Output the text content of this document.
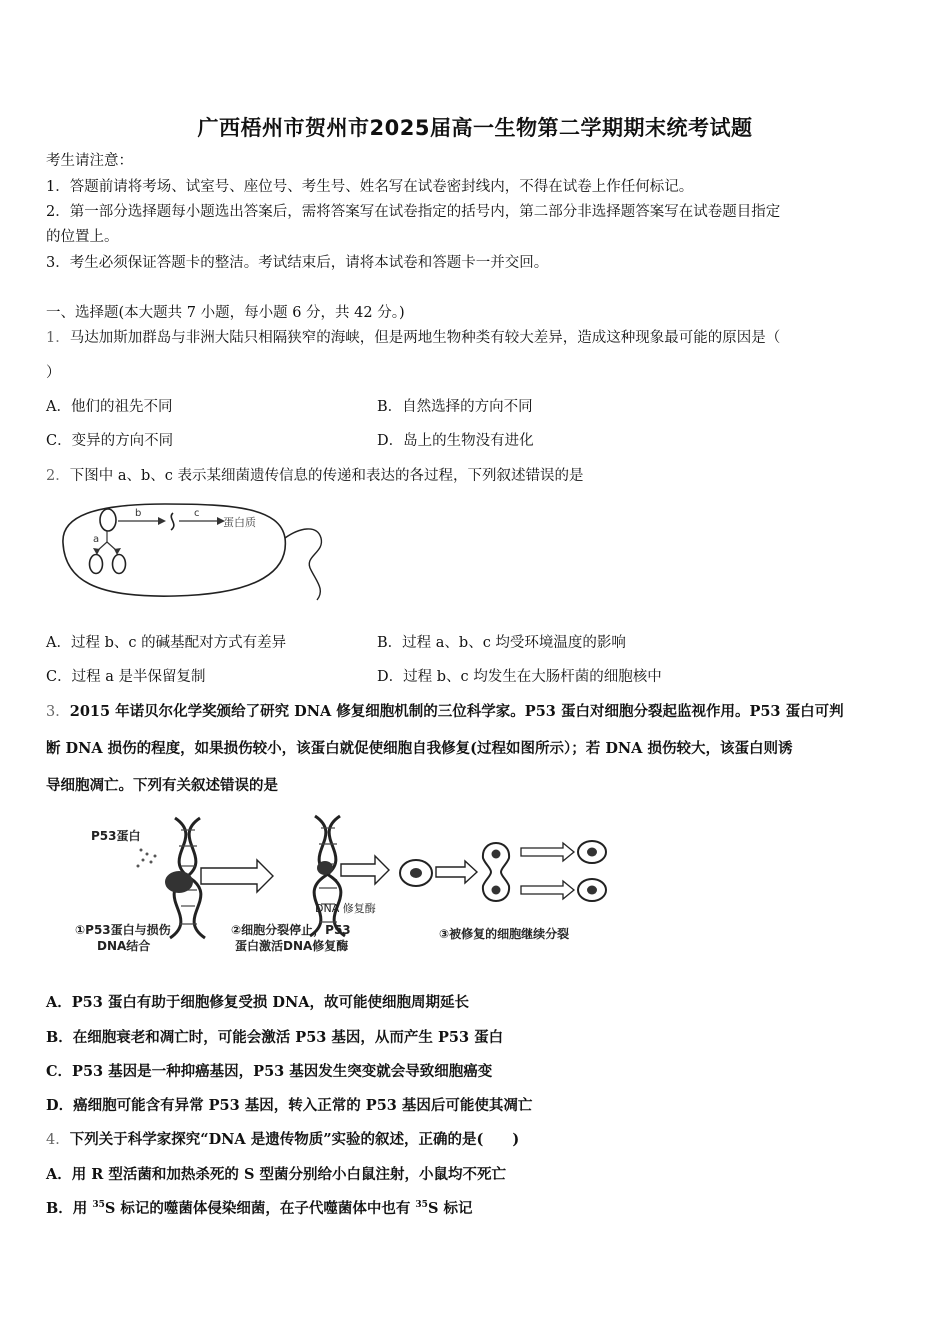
广西梧州市贺州市2025届高一生物第二学期期末统考试题
考生请注意：
1．答题前请将考场、试室号、座位号、考生号、姓名写在试卷密封线内，不得在试卷上作任何标记。
2．第一部分选择题每小题选出答案后，需将答案写在试卷指定的括号内，第二部分非选择题答案写在试卷题目指定
的位置上。
3．考生必须保证答题卡的整洁。考试结束后，请将本试卷和答题卡一并交回。
一、选择题(本大题共 7 小题，每小题 6 分，共 42 分。)
1．马达加斯加群岛与非洲大陆只相隔狭窄的海峡，但是两地生物种类有较大差异，造成这种现象最可能的原因是（
）
A．他们的祖先不同	B．自然选择的方向不同
C．变异的方向不同	D．岛上的生物没有进化
2．下图中 a、b、c 表示某细菌遗传信息的传递和表达的各过程，下列叙述错误的是
b	c
蛋白质
a
A．过程 b、c 的碱基配对方式有差异	B．过程 a、b、c 均受环境温度的影响
C．过程 a 是半保留复制	D．过程 b、c 均发生在大肠杆菌的细胞核中
3．2015 年诺贝尔化学奖颁给了研究 DNA 修复细胞机制的三位科学家。P53 蛋白对细胞分裂起监视作用。P53 蛋白可判
断 DNA 损伤的程度，如果损伤较小，该蛋白就促使细胞自我修复(过程如图所示）；若 DNA 损伤较大，该蛋白则诱
导细胞凋亡。下列有关叙述错误的是
P53蛋白
DNA 修复酶
①P53蛋白与损伤
DNA结合
②细胞分裂停止，P53
蛋白激活DNA修复酶
③被修复的细胞继续分裂
A．P53 蛋白有助于细胞修复受损 DNA，故可能使细胞周期延长
B．在细胞衰老和凋亡时，可能会激活 P53 基因，从而产生 P53 蛋白
C．P53 基因是一种抑癌基因，P53 基因发生突变就会导致细胞癌变
D．癌细胞可能含有异常 P53 基因，转入正常的 P53 基因后可能使其凋亡
4．下列关于科学家探究“DNA 是遗传物质”实验的叙述，正确的是(　　)
A．用 R 型活菌和加热杀死的 S 型菌分别给小白鼠注射，小鼠均不死亡
B．用 $^{35}$S 标记的噬菌体侵染细菌，在子代噬菌体中也有 $^{35}$S 标记
